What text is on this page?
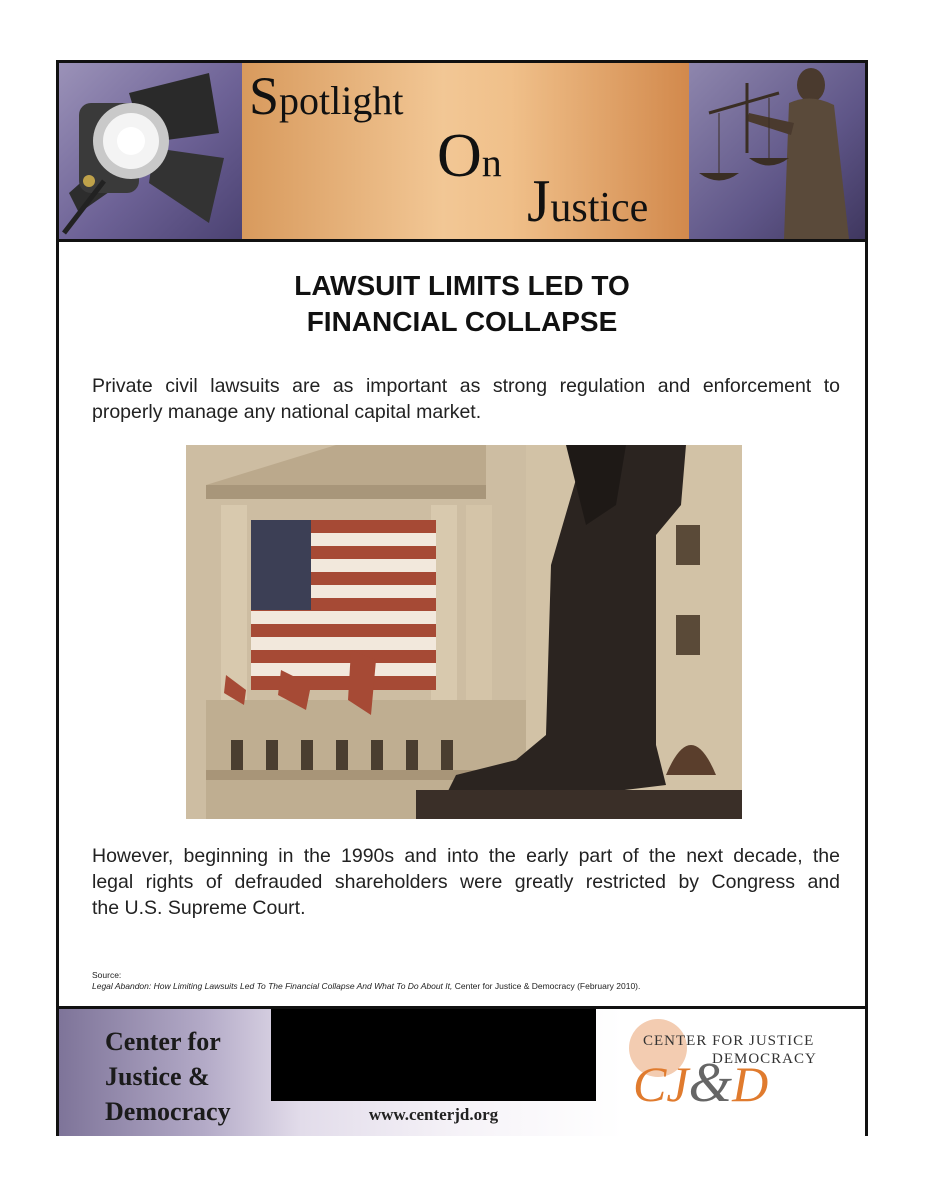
Spotlight
On
Justice
LAWSUIT LIMITS LED TO
FINANCIAL COLLAPSE
Private civil lawsuits are as important as strong regulation and enforcement to
properly manage any national capital market.
However, beginning in the 1990s and into the early part of the next decade, the
legal rights of defrauded shareholders were greatly restricted by Congress and
the U.S. Supreme Court.
Source:
Legal Abandon: How Limiting Lawsuits Led To The Financial Collapse And What To Do About It, Center for Justice & Democracy (February 2010).
Center for
Justice &
Democracy	www.centerjd.org
CENTER FOR JUSTICE
DEMOCRACY
CJ&D
